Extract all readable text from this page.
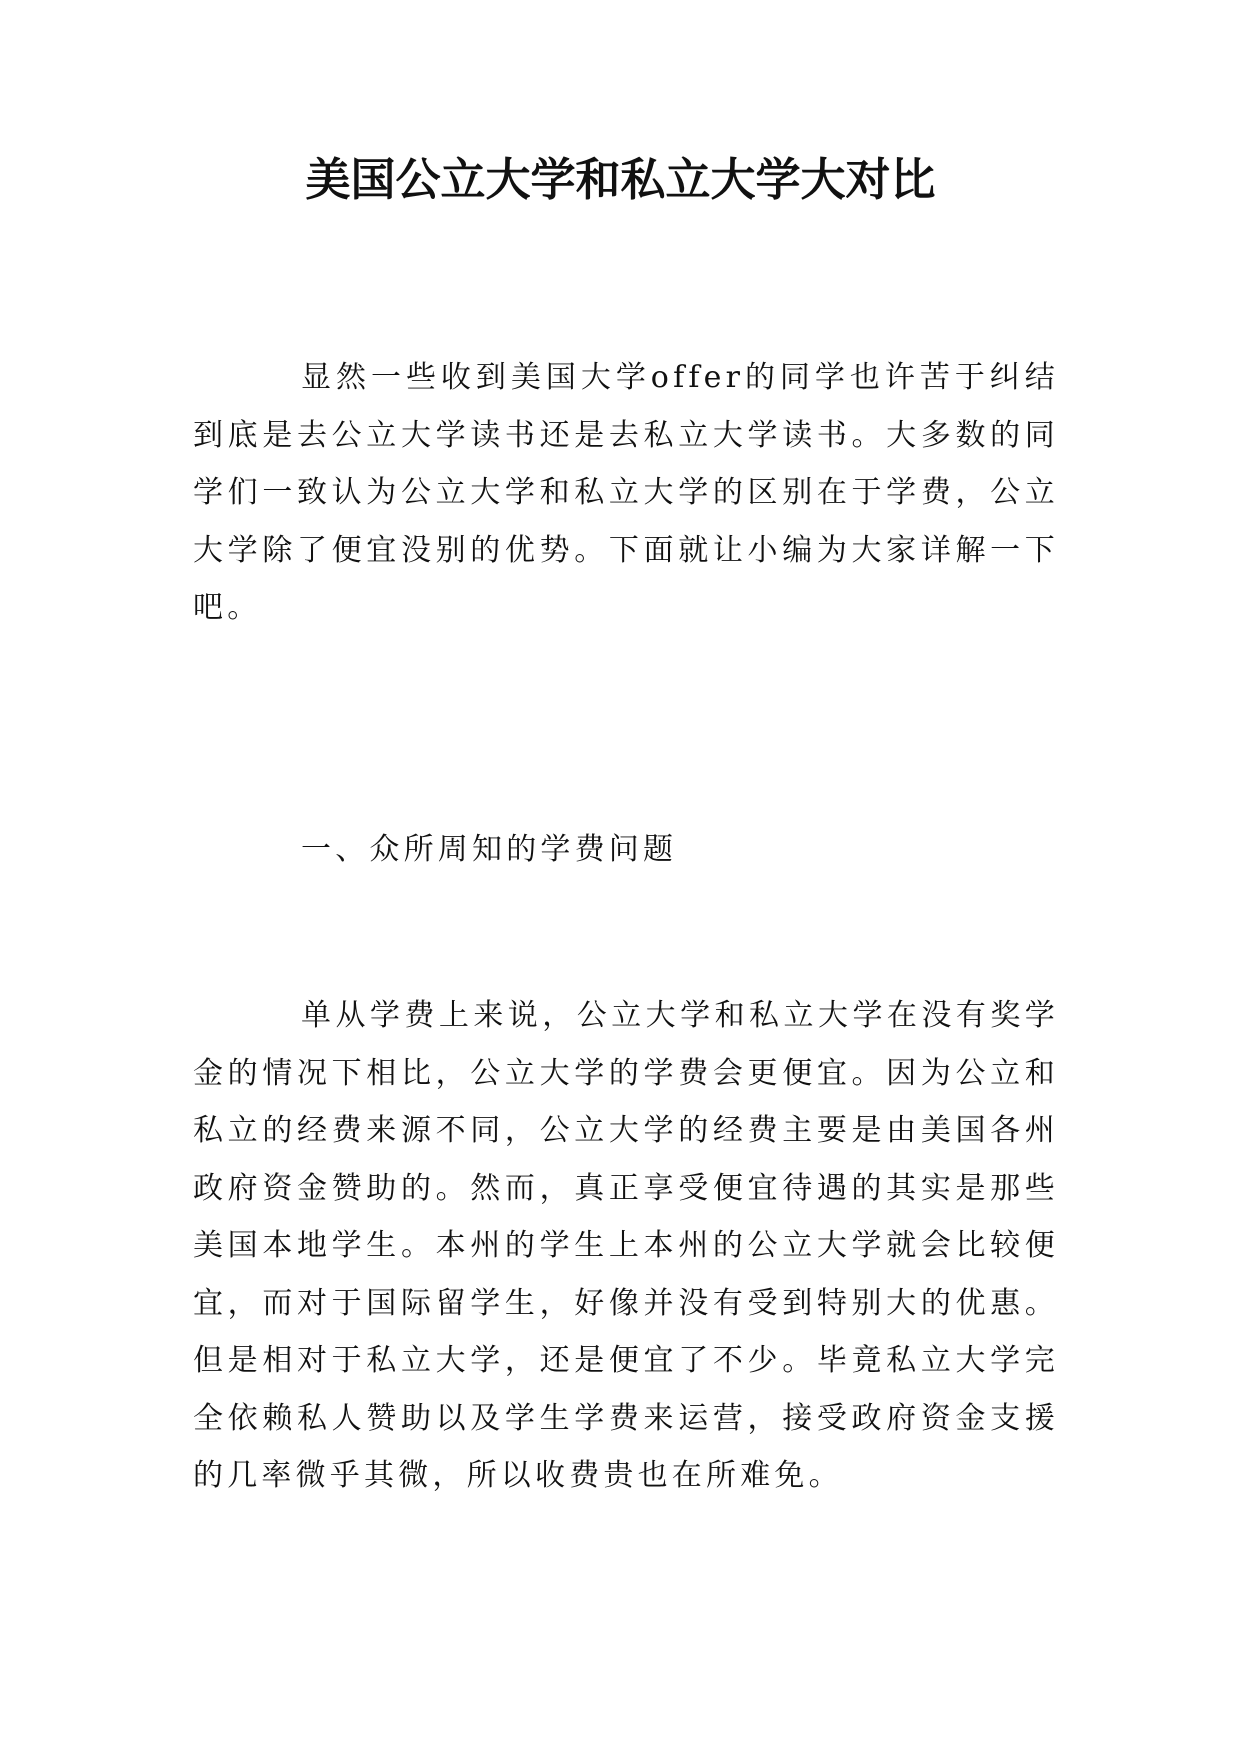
美国公立大学和私立大学大对比

显然一些收到美国大学offer的同学也许苦于纠结到底是去公立大学读书还是去私立大学读书。大多数的同学们一致认为公立大学和私立大学的区别在于学费，公立大学除了便宜没别的优势。下面就让小编为大家详解一下吧。

一、众所周知的学费问题

单从学费上来说，公立大学和私立大学在没有奖学金的情况下相比，公立大学的学费会更便宜。因为公立和私立的经费来源不同，公立大学的经费主要是由美国各州政府资金赞助的。然而，真正享受便宜待遇的其实是那些美国本地学生。本州的学生上本州的公立大学就会比较便宜，而对于国际留学生，好像并没有受到特别大的优惠。但是相对于私立大学，还是便宜了不少。毕竟私立大学完全依赖私人赞助以及学生学费来运营，接受政府资金支援的几率微乎其微，所以收费贵也在所难免。
